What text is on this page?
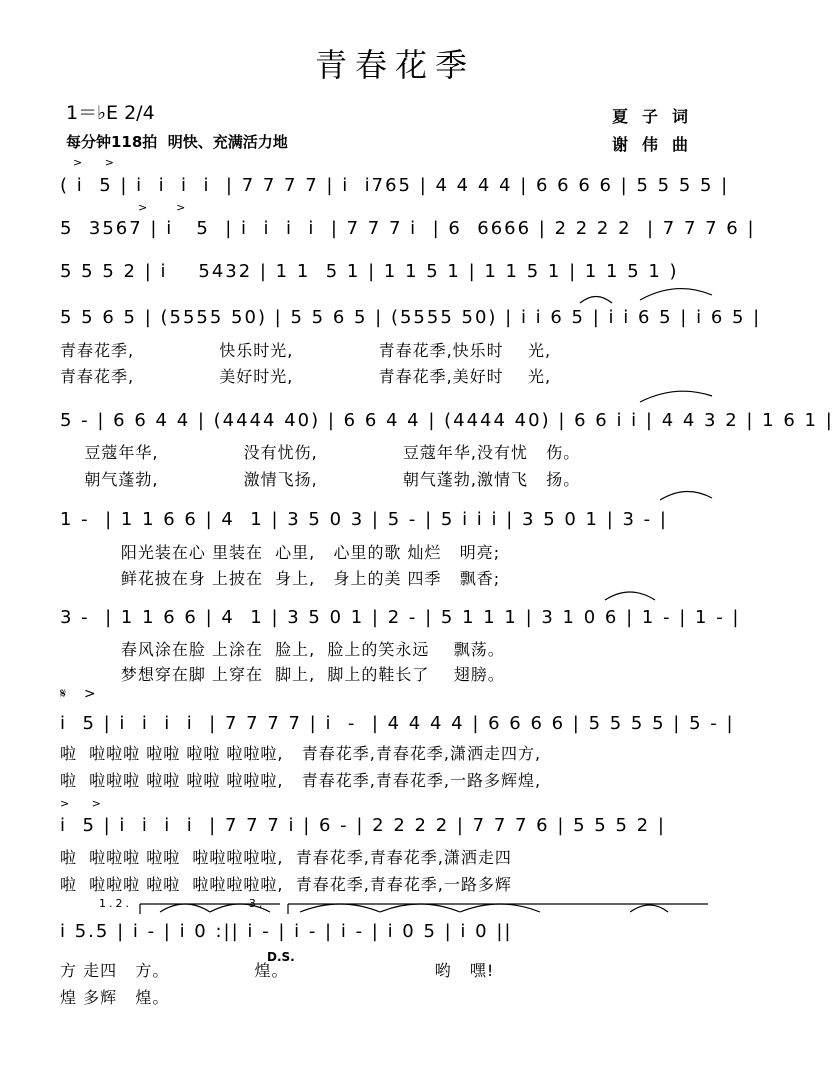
青春花季
1＝♭E 2/4
每分钟118拍  明快、充满活力地
夏子词
谢伟曲
>   >
( i  5 | i  i  i  i  | 7 7 7 7 | i  i765 | 4 4 4 4 | 6 6 6 6 | 5 5 5 5 |
>    >
5  3567 | i   5  | i  i  i  i  | 7 7 7 i  | 6  6666 | 2 2 2 2  | 7 7 7 6 |
5 5 5 2 | i    5432 | 1 1  5 1 | 1 1 5 1 | 1 1 5 1 | 1 1 5 1 )
5 5 6 5 | (5555 50) | 5 5 6 5 | (5555 50) | i i 6 5 | i i 6 5 | i 6 5 |
青春花季,              快乐时光,              青春花季,快乐时    光,
青春花季,              美好时光,              青春花季,美好时    光,
5 - | 6 6 4 4 | (4444 40) | 6 6 4 4 | (4444 40) | 6 6 i i | 4 4 3 2 | 1 6 1 |
豆蔻年华,              没有忧伤,              豆蔻年华,没有忧   伤。
朝气蓬勃,              激情飞扬,              朝气蓬勃,激情飞   扬。
1 -  | 1 1 6 6 | 4  1 | 3 5 0 3 | 5 - | 5 i i i | 3 5 0 1 | 3 - |
阳光装在心 里装在  心里,   心里的歌 灿烂   明亮;
鲜花披在身 上披在  身上,   身上的美 四季   飘香;
3 -  | 1 1 6 6 | 4  1 | 3 5 0 1 | 2 - | 5 1 1 1 | 3 1 0 6 | 1 - | 1 - |
春风涂在脸 上涂在  脸上,  脸上的笑永远    飘荡。
梦想穿在脚 上穿在  脚上,  脚上的鞋长了    翅膀。
𝄋  >
i  5 | i  i  i  i  | 7 7 7 7 | i  -  | 4 4 4 4 | 6 6 6 6 | 5 5 5 5 | 5 - |
啦  啦啦啦 啦啦 啦啦 啦啦啦,   青春花季,青春花季,潇洒走四方,
啦  啦啦啦 啦啦 啦啦 啦啦啦,   青春花季,青春花季,一路多辉煌,
>   >
i  5 | i  i  i  i  | 7 7 7 i | 6 - | 2 2 2 2 | 7 7 7 6 | 5 5 5 2 |
啦  啦啦啦 啦啦  啦啦啦啦啦,  青春花季,青春花季,潇洒走四
啦  啦啦啦 啦啦  啦啦啦啦啦,  青春花季,青春花季,一路多辉
1.2.                  3.
i 5.5 | i - | i 0 :|| i - | i - | i - | i 0 5 | i 0 ||
D.S.
方 走四   方。              煌。                        哟   嘿!
煌 多辉   煌。
